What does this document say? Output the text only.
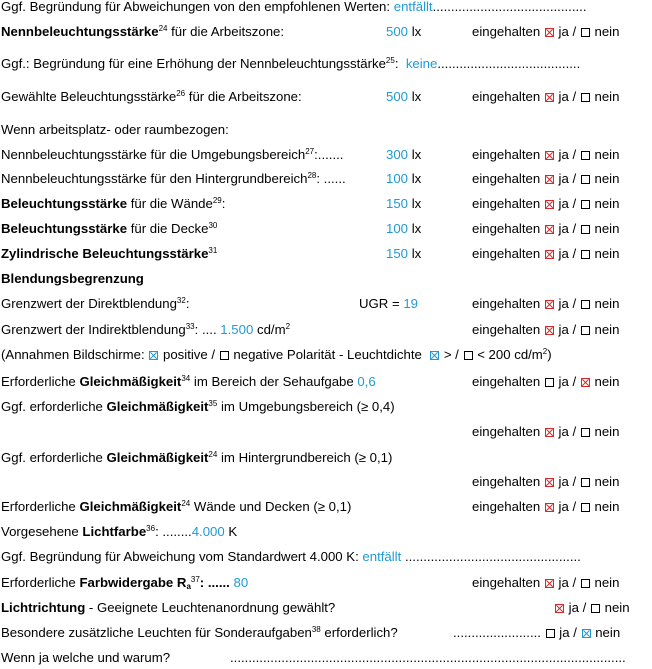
Ggf. Begründung für Abweichungen von den empfohlenen Werten: entfällt..........................................
Nennbeleuchtungsstärke$^{24}$ für die Arbeitszone:	500 lx	eingehalten ja / nein
Ggf.: Begründung für eine Erhöhung der Nennbeleuchtungsstärke$^{25}$: keine.......................................
Gewählte Beleuchtungsstärke$^{26}$ für die Arbeitszone:	500 lx	eingehalten ja / nein
Wenn arbeitsplatz- oder raumbezogen:
Nennbeleuchtungsstärke für die Umgebungsbereich$^{27}$:.......	300 lx	eingehalten ja / nein
Nennbeleuchtungsstärke für den Hintergrundbereich$^{28}$: ......	100 lx	eingehalten ja / nein
Beleuchtungsstärke für die Wände$^{29}$:	150 lx	eingehalten ja / nein
Beleuchtungsstärke für die Decke$^{30}$	100 lx	eingehalten ja / nein
Zylindrische Beleuchtungsstärke$^{31}$	150 lx	eingehalten ja / nein
Blendungsbegrenzung
Grenzwert der Direktblendung$^{32}$:	UGR = 19	eingehalten ja / nein
Grenzwert der Indirektblendung$^{33}$: .... 1.500 $cd/m^2$	eingehalten ja / nein
(Annahmen Bildschirme: positive / negative Polarität - Leuchtdichte > / < 200 $cd/m^2$)
Erforderliche Gleichmäßigkeit$^{34}$ im Bereich der Sehaufgabe 0,6	eingehalten ja / nein
Ggf. erforderliche Gleichmäßigkeit$^{35}$ im Umgebungsbereich (≥ 0,4)
eingehalten ja / nein
Ggf. erforderliche Gleichmäßigkeit$^{24}$ im Hintergrundbereich (≥ 0,1)
eingehalten ja / nein
Erforderliche Gleichmäßigkeit$^{24}$ Wände und Decken (≥ 0,1)	eingehalten ja / nein
Vorgesehene Lichtfarbe$^{36}$: ........4.000 K
Ggf. Begründung für Abweichung vom Standardwert 4.000 K: entfällt ................................................
Erforderliche Farbwidergabe $R_a^{37}$: ...... 80	eingehalten ja / nein
Lichtrichtung - Geeignete Leuchtenanordnung gewählt?	ja / nein
Besondere zusätzliche Leuchten für Sonderaufgaben$^{38}$ erforderlich?	........................ ja / nein
Wenn ja welche und warum?	............................................................................................................
